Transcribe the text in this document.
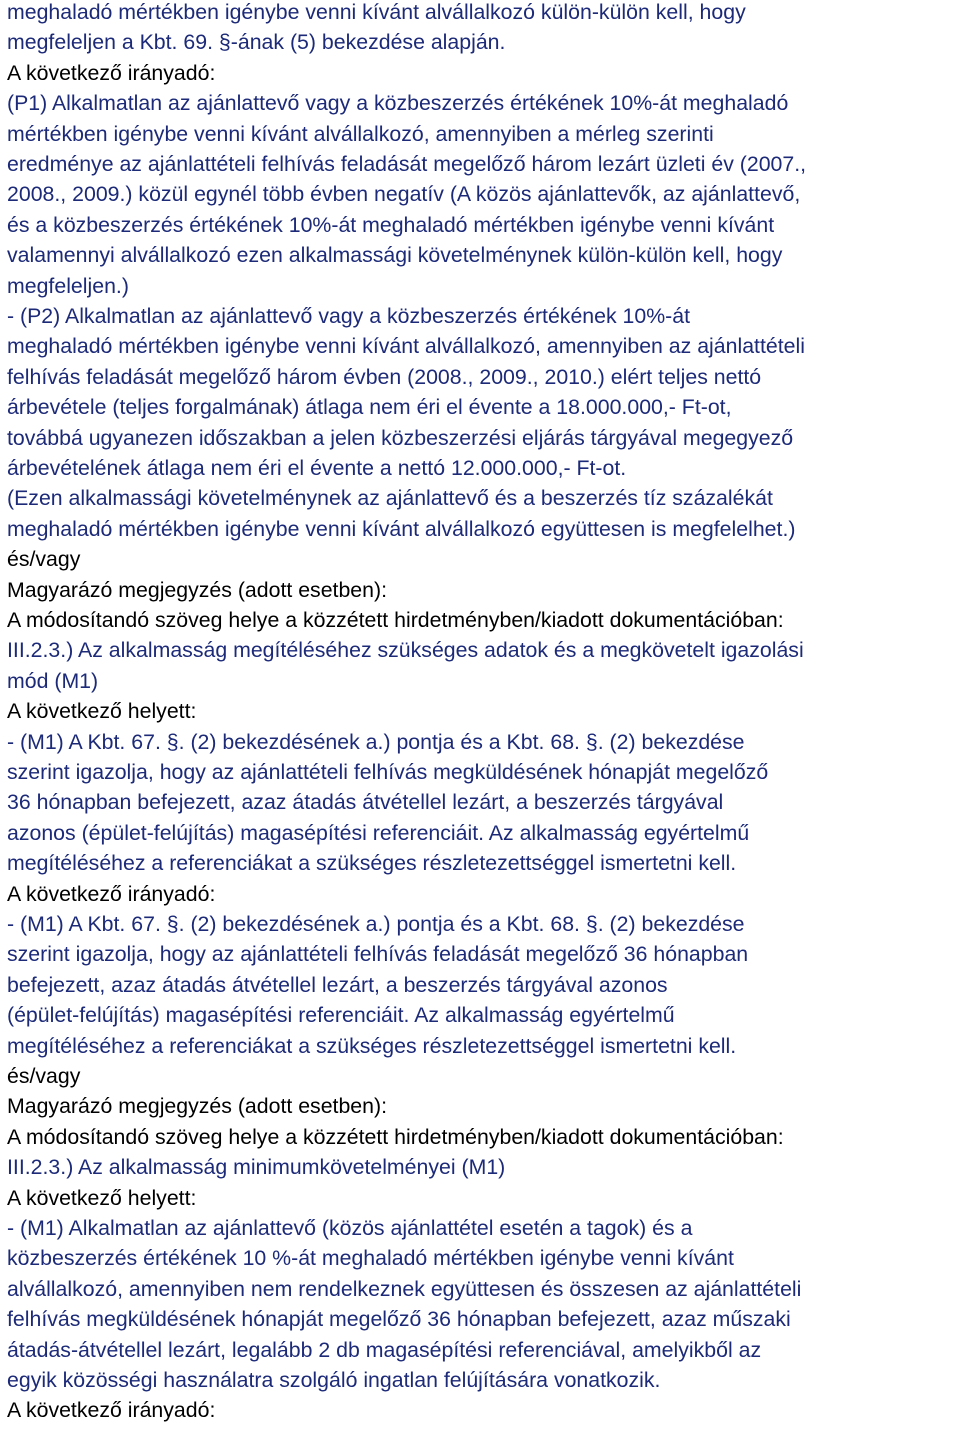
meghaladó mértékben igénybe venni kívánt alvállalkozó külön-külön kell, hogy
megfeleljen a Kbt. 69. §-ának (5) bekezdése alapján.
A következő irányadó:
(P1) Alkalmatlan az ajánlattevő vagy a közbeszerzés értékének 10%-át meghaladó
mértékben igénybe venni kívánt alvállalkozó, amennyiben a mérleg szerinti
eredménye az ajánlattételi felhívás feladását megelőző három lezárt üzleti év (2007.,
2008., 2009.) közül egynél több évben negatív (A közös ajánlattevők, az ajánlattevő,
és a közbeszerzés értékének 10%-át meghaladó mértékben igénybe venni kívánt
valamennyi alvállalkozó ezen alkalmassági követelménynek külön-külön kell, hogy
megfeleljen.)
- (P2) Alkalmatlan az ajánlattevő vagy a közbeszerzés értékének 10%-át
meghaladó mértékben igénybe venni kívánt alvállalkozó, amennyiben az ajánlattételi
felhívás feladását megelőző három évben (2008., 2009., 2010.) elért teljes nettó
árbevétele (teljes forgalmának) átlaga nem éri el évente a 18.000.000,- Ft-ot,
továbbá ugyanezen időszakban a jelen közbeszerzési eljárás tárgyával megegyező
árbevételének átlaga nem éri el évente a nettó 12.000.000,- Ft-ot.
(Ezen alkalmassági követelménynek az ajánlattevő és a beszerzés tíz százalékát
meghaladó mértékben igénybe venni kívánt alvállalkozó együttesen is megfelelhet.)
és/vagy
Magyarázó megjegyzés (adott esetben):
A módosítandó szöveg helye a közzétett hirdetményben/kiadott dokumentációban:
III.2.3.) Az alkalmasság megítéléséhez szükséges adatok és a megkövetelt igazolási
mód (M1)
A következő helyett:
- (M1) A Kbt. 67. §. (2) bekezdésének a.) pontja és a Kbt. 68. §. (2) bekezdése
szerint igazolja, hogy az ajánlattételi felhívás megküldésének hónapját megelőző
36 hónapban befejezett, azaz átadás átvétellel lezárt, a beszerzés tárgyával
azonos (épület-felújítás) magasépítési referenciáit. Az alkalmasság egyértelmű
megítéléséhez a referenciákat a szükséges részletezettséggel ismertetni kell.
A következő irányadó:
- (M1) A Kbt. 67. §. (2) bekezdésének a.) pontja és a Kbt. 68. §. (2) bekezdése
szerint igazolja, hogy az ajánlattételi felhívás feladását megelőző 36 hónapban
befejezett, azaz átadás átvétellel lezárt, a beszerzés tárgyával azonos
(épület-felújítás) magasépítési referenciáit. Az alkalmasság egyértelmű
megítéléséhez a referenciákat a szükséges részletezettséggel ismertetni kell.
és/vagy
Magyarázó megjegyzés (adott esetben):
A módosítandó szöveg helye a közzétett hirdetményben/kiadott dokumentációban:
III.2.3.) Az alkalmasság minimumkövetelményei (M1)
A következő helyett:
- (M1) Alkalmatlan az ajánlattevő (közös ajánlattétel esetén a tagok) és a
közbeszerzés értékének 10 %-át meghaladó mértékben igénybe venni kívánt
alvállalkozó, amennyiben nem rendelkeznek együttesen és összesen az ajánlattételi
felhívás megküldésének hónapját megelőző 36 hónapban befejezett, azaz műszaki
átadás-átvétellel lezárt, legalább 2 db magasépítési referenciával, amelyikből az
egyik közösségi használatra szolgáló ingatlan felújítására vonatkozik.
A következő irányadó:
